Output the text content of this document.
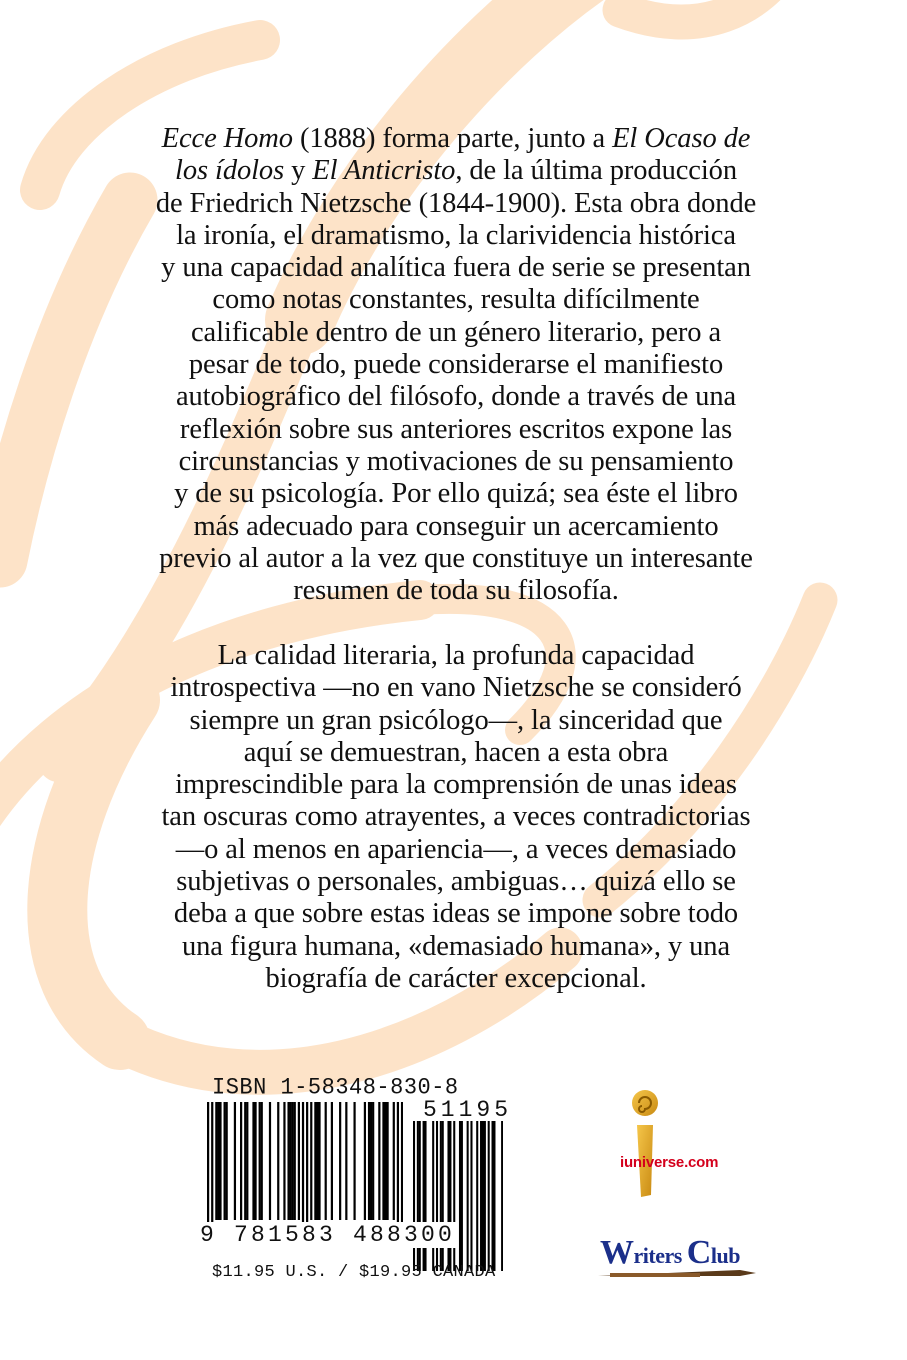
Ecce Homo (1888) forma parte, junto a El Ocaso de
los ídolos y El Anticristo, de la última producción
de Friedrich Nietzsche (1844-1900). Esta obra donde
la ironía, el dramatismo, la clarividencia histórica
y una capacidad analítica fuera de serie se presentan
como notas constantes, resulta difícilmente
calificable dentro de un género literario, pero a
pesar de todo, puede considerarse el manifiesto
autobiográfico del filósofo, donde a través de una
reflexión sobre sus anteriores escritos expone las
circunstancias y motivaciones de su pensamiento
y de su psicología. Por ello quizá; sea éste el libro
más adecuado para conseguir un acercamiento
previo al autor a la vez que constituye un interesante
resumen de toda su filosofía.
La calidad literaria, la profunda capacidad
introspectiva —no en vano Nietzsche se consideró
siempre un gran psicólogo—, la sinceridad que
aquí se demuestran, hacen a esta obra
imprescindible para la comprensión de unas ideas
tan oscuras como atrayentes, a veces contradictorias
—o al menos en apariencia—, a veces demasiado
subjetivas o personales, ambiguas… quizá ello se
deba a que sobre estas ideas se impone sobre todo
una figura humana, «demasiado humana», y una
biografía de carácter excepcional.
ISBN 1-58348-830-8
51195
9 781583 488300
$11.95 U.S. / $19.95 CANADA
iuniverse.com
Writers Club
